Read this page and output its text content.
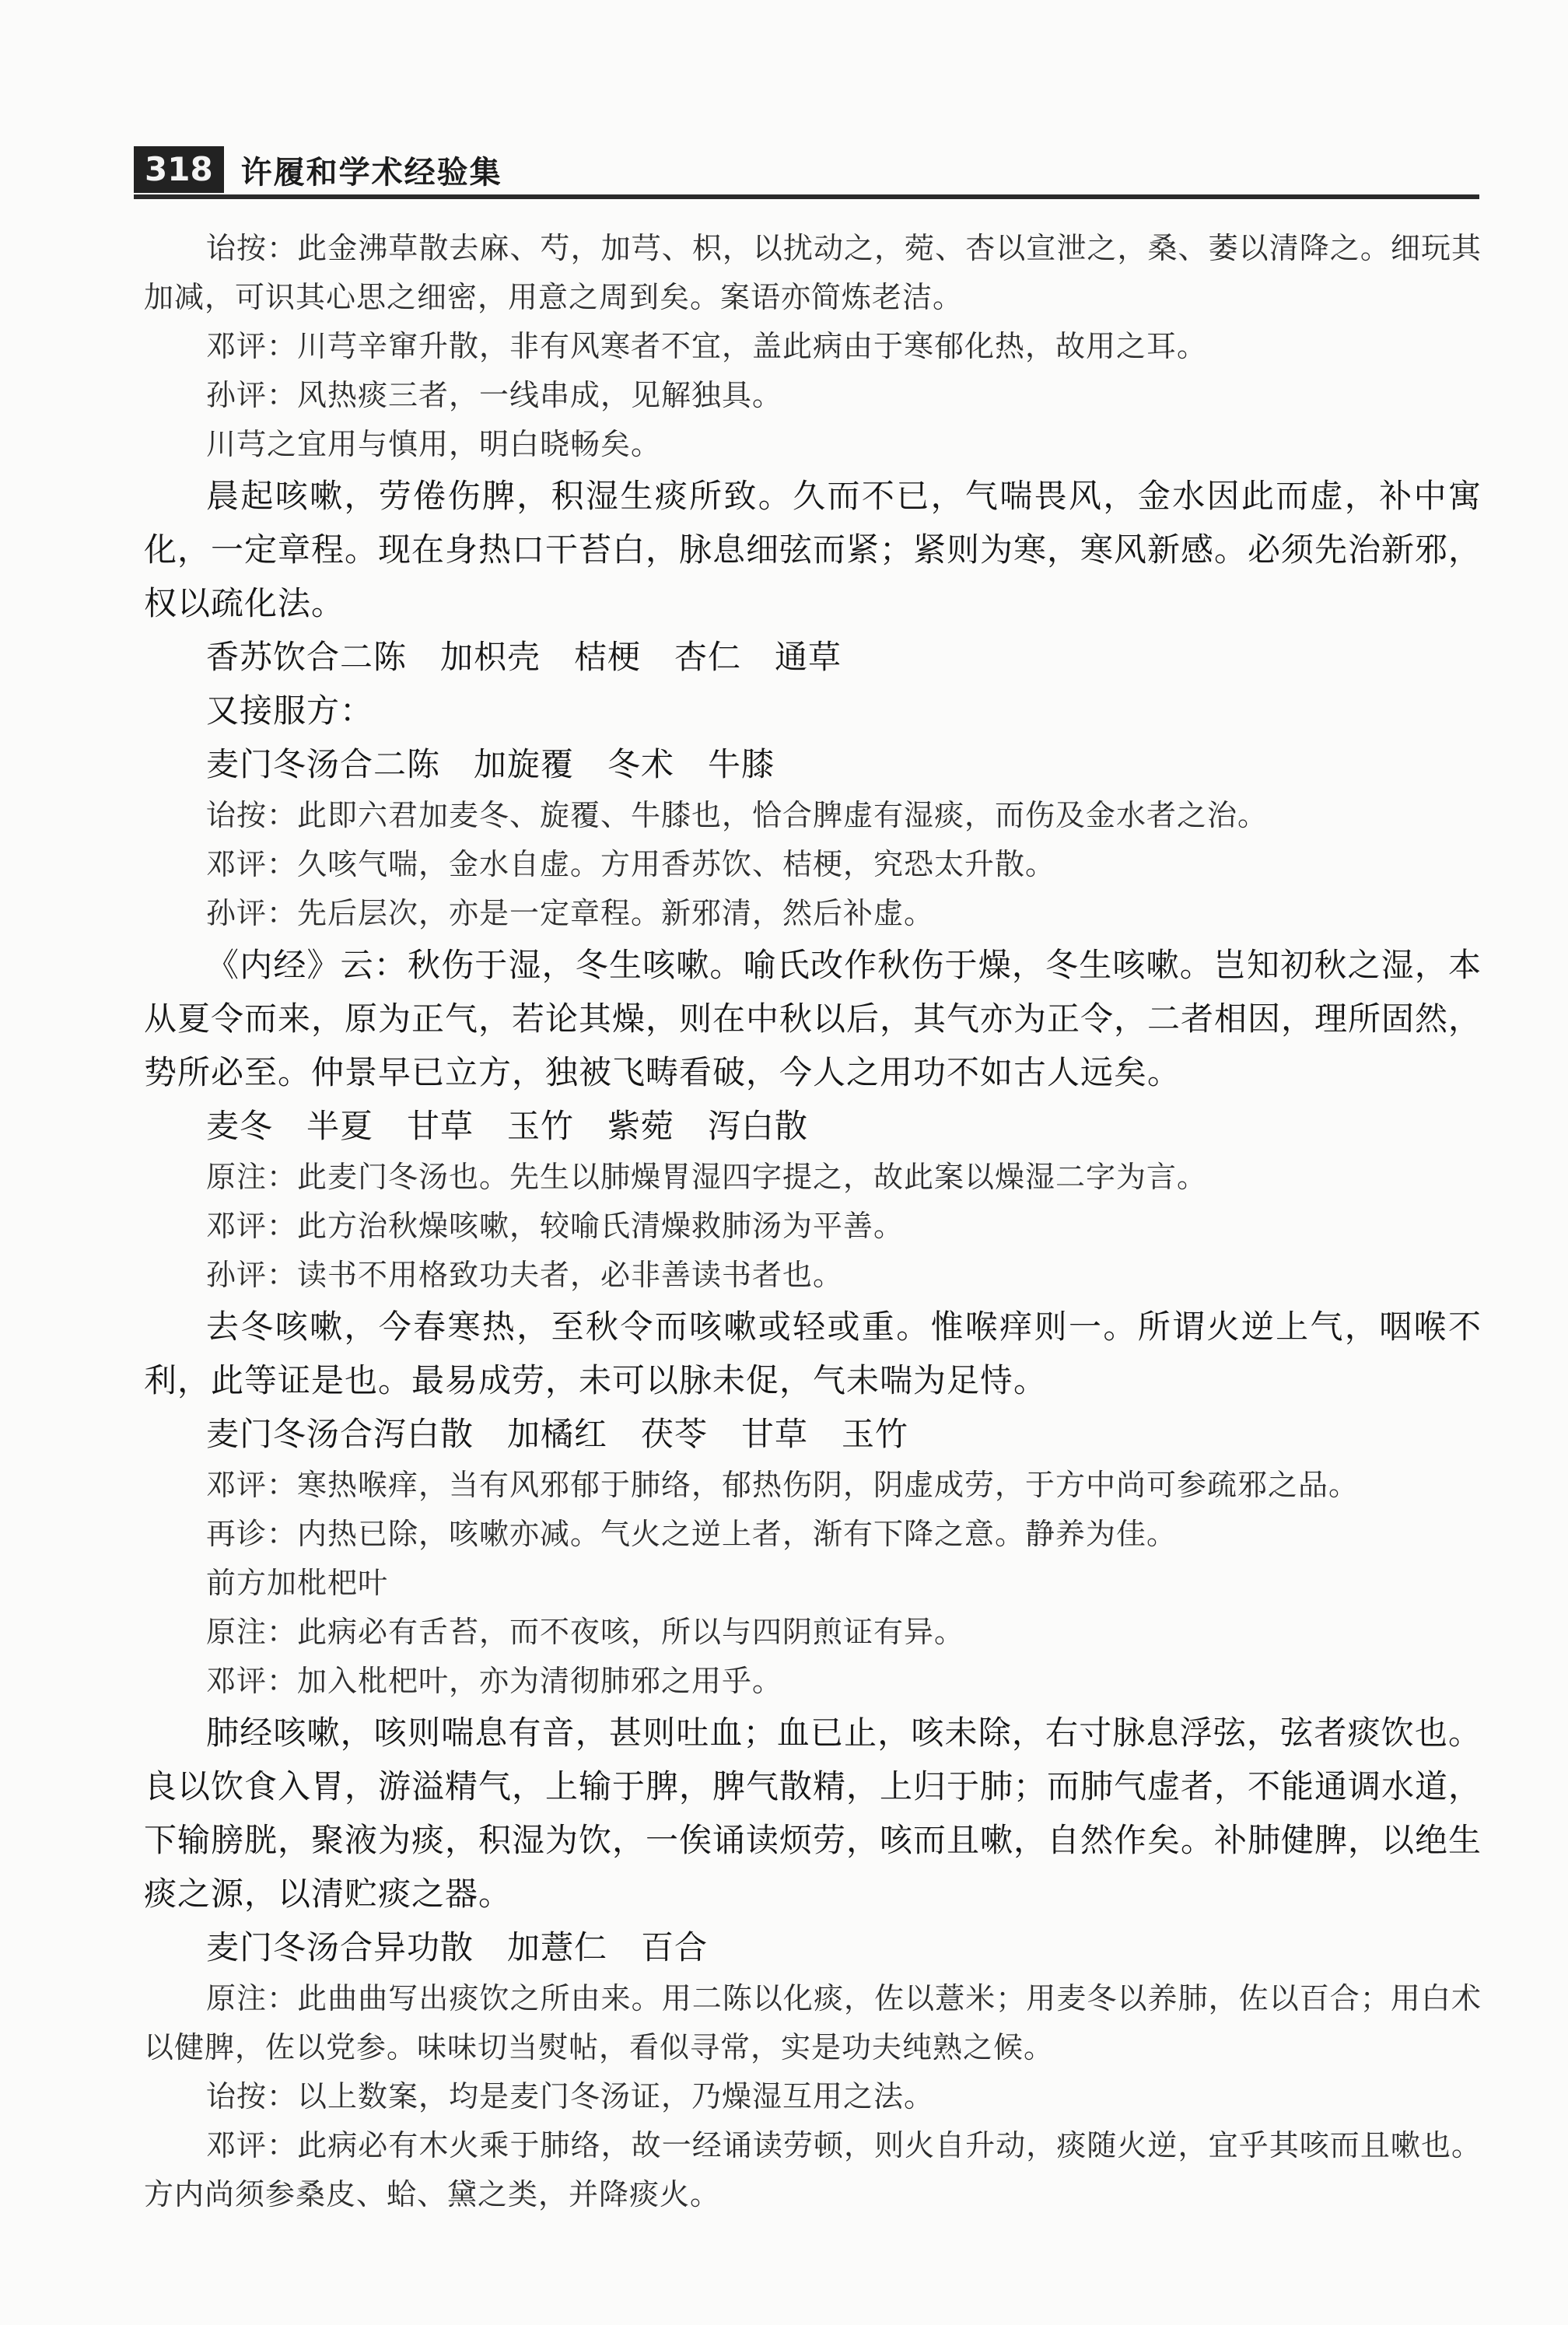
318 许履和学术经验集

诒按：此金沸草散去麻、芍，加芎、枳，以扰动之，菀、杏以宣泄之，桑、萎以清降之。细玩其加减，可识其心思之细密，用意之周到矣。案语亦简炼老洁。

邓评：川芎辛窜升散，非有风寒者不宜，盖此病由于寒郁化热，故用之耳。

孙评：风热痰三者，一线串成，见解独具。

川芎之宜用与慎用，明白晓畅矣。

晨起咳嗽，劳倦伤脾，积湿生痰所致。久而不已，气喘畏风，金水因此而虚，补中寓化，一定章程。现在身热口干苔白，脉息细弦而紧；紧则为寒，寒风新感。必须先治新邪，权以疏化法。

香苏饮合二陈　加枳壳　桔梗　杏仁　通草

又接服方：

麦门冬汤合二陈　加旋覆　冬术　牛膝

诒按：此即六君加麦冬、旋覆、牛膝也，恰合脾虚有湿痰，而伤及金水者之治。

邓评：久咳气喘，金水自虚。方用香苏饮、桔梗，究恐太升散。

孙评：先后层次，亦是一定章程。新邪清，然后补虚。

《内经》云：秋伤于湿，冬生咳嗽。喻氏改作秋伤于燥，冬生咳嗽。岂知初秋之湿，本从夏令而来，原为正气，若论其燥，则在中秋以后，其气亦为正令，二者相因，理所固然，势所必至。仲景早已立方，独被飞畴看破，今人之用功不如古人远矣。

麦冬　半夏　甘草　玉竹　紫菀　泻白散

原注：此麦门冬汤也。先生以肺燥胃湿四字提之，故此案以燥湿二字为言。

邓评：此方治秋燥咳嗽，较喻氏清燥救肺汤为平善。

孙评：读书不用格致功夫者，必非善读书者也。

去冬咳嗽，今春寒热，至秋令而咳嗽或轻或重。惟喉痒则一。所谓火逆上气，咽喉不利，此等证是也。最易成劳，未可以脉未促，气未喘为足恃。

麦门冬汤合泻白散　加橘红　茯苓　甘草　玉竹

邓评：寒热喉痒，当有风邪郁于肺络，郁热伤阴，阴虚成劳，于方中尚可参疏邪之品。

再诊：内热已除，咳嗽亦减。气火之逆上者，渐有下降之意。静养为佳。

前方加枇杷叶

原注：此病必有舌苔，而不夜咳，所以与四阴煎证有异。

邓评：加入枇杷叶，亦为清彻肺邪之用乎。

肺经咳嗽，咳则喘息有音，甚则吐血；血已止，咳未除，右寸脉息浮弦，弦者痰饮也。良以饮食入胃，游溢精气，上输于脾，脾气散精，上归于肺；而肺气虚者，不能通调水道，下输膀胱，聚液为痰，积湿为饮，一俟诵读烦劳，咳而且嗽，自然作矣。补肺健脾，以绝生痰之源，以清贮痰之器。

麦门冬汤合异功散　加薏仁　百合

原注：此曲曲写出痰饮之所由来。用二陈以化痰，佐以薏米；用麦冬以养肺，佐以百合；用白术以健脾，佐以党参。味味切当熨帖，看似寻常，实是功夫纯熟之候。

诒按：以上数案，均是麦门冬汤证，乃燥湿互用之法。

邓评：此病必有木火乘于肺络，故一经诵读劳顿，则火自升动，痰随火逆，宜乎其咳而且嗽也。方内尚须参桑皮、蛤、黛之类，并降痰火。
